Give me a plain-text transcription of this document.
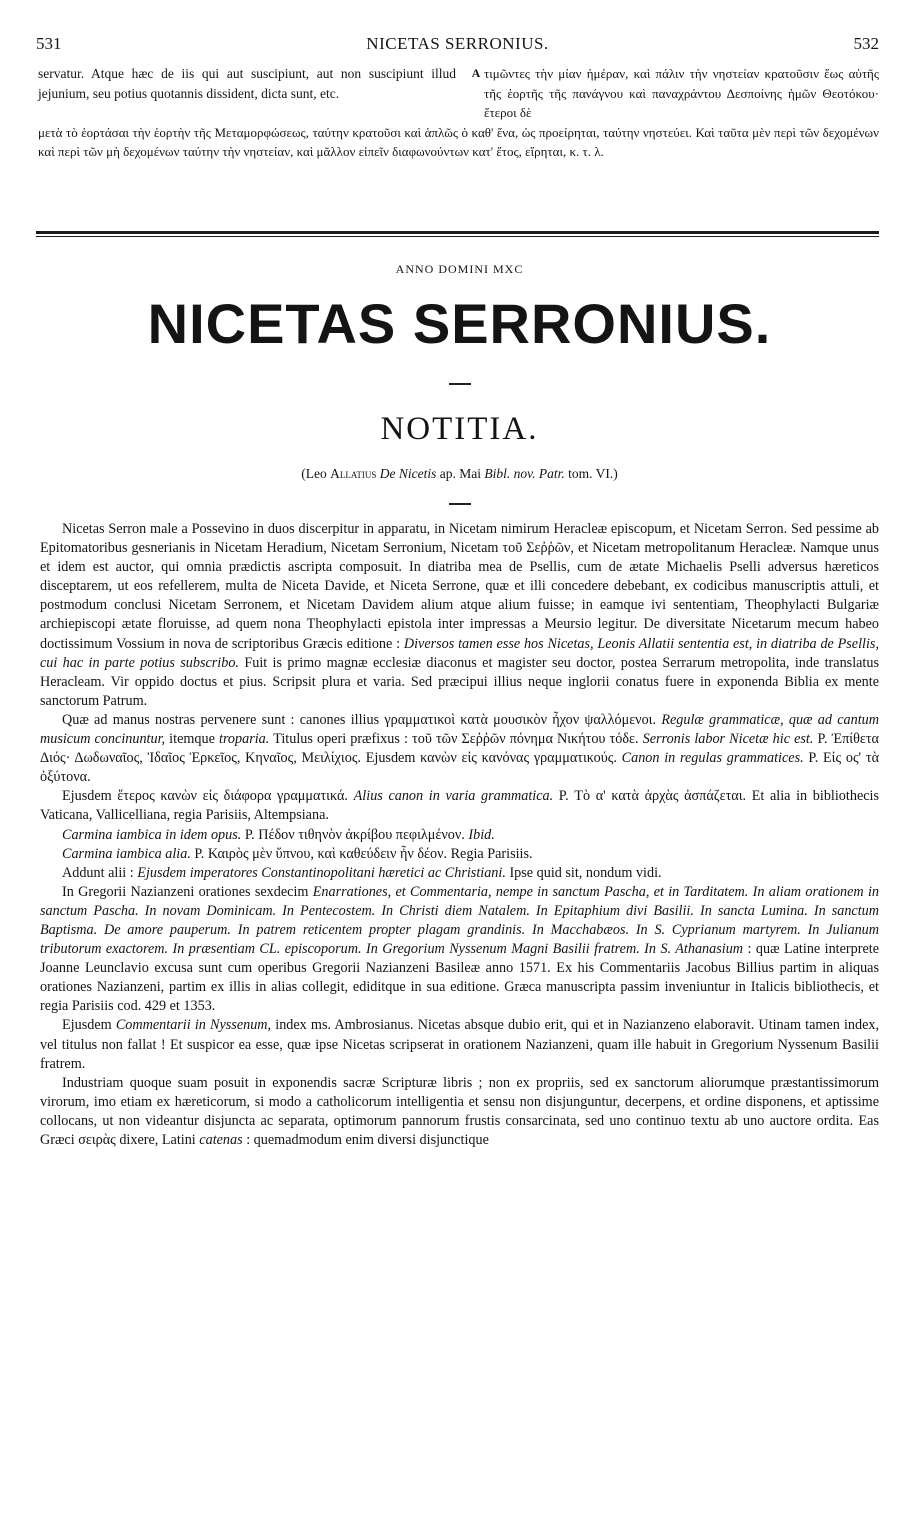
531	NICETAS SERRONIUS.	532
servatur. Atque hæc de iis qui aut suscipiunt, aut non suscipiunt illud jejunium, seu potius quotannis dissident, dicta sunt, etc.
A τιμῶντες τὴν μίαν ἡμέραν, καὶ πάλιν τὴν νηστείαν κρατοῦσιν ἕως αὐτῆς τῆς ἑορτῆς τῆς πανάγνου καὶ παναχράντου Δεσποίνης ἡμῶν Θεοτόκου· ἕτεροι δὲ

μετὰ τὸ ἑορτάσαι τὴν ἑορτὴν τῆς Μεταμορφώσεως, ταύτην κρατοῦσι καὶ ἁπλῶς ὁ καθ' ἕνα, ὡς προείρηται, ταύτην νηστεύει. Καὶ ταῦτα μὲν περὶ τῶν δεχομένων καὶ περὶ τῶν μὴ δεχομένων ταύτην τὴν νηστείαν, καὶ μᾶλλον εἰπεῖν διαφωνούντων κατ' ἔτος, εἴρηται, κ. τ. λ.

ANNO DOMINI MXC
NICETAS SERRONIUS.
NOTITIA.
(Leo Allatius De Nicetis ap. Mai Bibl. nov. Patr. tom. VI.)

Nicetas Serron male a Possevino in duos discerpitur in apparatu, in Nicetam nimirum Heracleæ episcopum, et Nicetam Serron. Sed pessime ab Epitomatoribus gesnerianis in Nicetam Heradium, Nicetam Serronium, Nicetam τοῦ Σεῤῥῶν, et Nicetam metropolitanum Heracleæ. Namque unus et idem est auctor, qui omnia prædictis ascripta composuit. In diatriba mea de Psellis, cum de ætate Michaelis Pselli adversus hæreticos disceptarem, ut eos refellerem, multa de Niceta Davide, et Niceta Serrone, quæ et illi concedere debebant, ex codicibus manuscriptis attuli, et postmodum conclusi Nicetam Serronem, et Nicetam Davidem alium atque alium fuisse; in eamque ivi sententiam, Theophylacti Bulgariæ archiepiscopi ætate floruisse, ad quem nona Theophylacti epistola inter impressas a Meursio legitur. De diversitate Nicetarum mecum habeo doctissimum Vossium in nova de scriptoribus Græcis editione : Diversos tamen esse hos Nicetas, Leonis Allatii sententia est, in diatriba de Psellis, cui hac in parte potius subscribo. Fuit is primo magnæ ecclesiæ diaconus et magister seu doctor, postea Serrarum metropolita, inde translatus Heracleam. Vir oppido doctus et pius. Scripsit plura et varia. Sed præcipui illius neque inglorii conatus fuere in exponenda Biblia ex mente sanctorum Patrum.

Quæ ad manus nostras pervenere sunt : canones illius γραμματικοὶ κατὰ μουσικὸν ἦχον ψαλλόμενοι. Regulæ grammaticæ, quæ ad cantum musicum concinuntur, itemque troparia. Titulus operi præfixus : τοῦ τῶν Σεῤῥῶν πόνημα Νικήτου τόδε. Serronis labor Nicetæ hic est. P. Ἐπίθετα Διός· Δωδωναῖος, Ἰδαῖος Ἑρκεῖος, Κηναῖος, Μειλίχιος. Ejusdem κανὼν εἰς κανόνας γραμματικούς. Canon in regulas grammatices. P. Εἰς ος' τὰ ὀξύτονα.

Ejusdem ἕτερος κανὼν εἰς διάφορα γραμματικά. Alius canon in varia grammatica. P. Τὸ α' κατὰ ἀρχὰς ἀσπάζεται. Et alia in bibliothecis Vaticana, Vallicelliana, regia Parisiis, Altempsiana.

Carmina iambica in idem opus. P. Πέδον τιθηνὸν ἀκρίβου πεφιλμένον. Ibid.

Carmina iambica alia. P. Καιρὸς μὲν ὕπνου, καὶ καθεύδειν ἦν δέον. Regia Parisiis.

Addunt alii : Ejusdem imperatores Constantinopolitani hæretici ac Christiani. Ipse quid sit, nondum vidi.

In Gregorii Nazianzeni orationes sexdecim Enarrationes, et Commentaria, nempe in sanctum Pascha, et in Tarditatem. In aliam orationem in sanctum Pascha. In novam Dominicam. In Pentecostem. In Christi diem Natalem. In Epitaphium divi Basilii. In sancta Lumina. In sanctum Baptisma. De amore pauperum. In patrem reticentem propter plagam grandinis. In Macchabæos. In S. Cyprianum martyrem. In Julianum tributorum exactorem. In præsentiam CL. episcoporum. In Gregorium Nyssenum Magni Basilii fratrem. In S. Athanasium : quæ Latine interprete Joanne Leunclavio excusa sunt cum operibus Gregorii Nazianzeni Basileæ anno 1571. Ex his Commentariis Jacobus Billius partim in aliquas orationes Nazianzeni, partim ex illis in alias collegit, ediditque in sua editione. Græca manuscripta passim inveniuntur in Italicis bibliothecis, et regia Parisiis cod. 429 et 1353.

Ejusdem Commentarii in Nyssenum, index ms. Ambrosianus. Nicetas absque dubio erit, qui et in Nazianzeno elaboravit. Utinam tamen index, vel titulus non fallat ! Et suspicor ea esse, quæ ipse Nicetas scripserat in orationem Nazianzeni, quam ille habuit in Gregorium Nyssenum Basilii fratrem.

Industriam quoque suam posuit in exponendis sacræ Scripturæ libris ; non ex propriis, sed ex sanctorum aliorumque præstantissimorum virorum, imo etiam ex hæreticorum, si modo a catholicorum intelligentia et sensu non disjunguntur, decerpens, et ordine disponens, et aptissime collocans, ut non videantur disjuncta ac separata, optimorum pannorum frustis consarcinata, sed uno continuo textu ab uno auctore ordita. Eas Græci σειρὰς dixere, Latini catenas : quemadmodum enim diversi disjunctique
